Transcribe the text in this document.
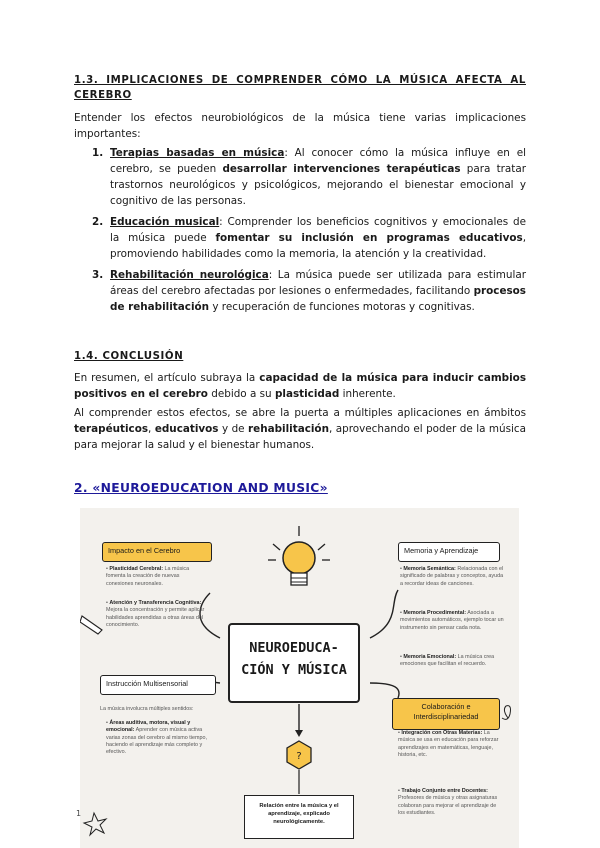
1.3. IMPLICACIONES DE COMPRENDER CÓMO LA MÚSICA AFECTA AL CEREBRO
Entender los efectos neurobiológicos de la música tiene varias implicaciones importantes:
1. Terapias basadas en música: Al conocer cómo la música influye en el cerebro, se pueden desarrollar intervenciones terapéuticas para tratar trastornos neurológicos y psicológicos, mejorando el bienestar emocional y cognitivo de las personas.
2. Educación musical: Comprender los beneficios cognitivos y emocionales de la música puede fomentar su inclusión en programas educativos, promoviendo habilidades como la memoria, la atención y la creatividad.
3. Rehabilitación neurológica: La música puede ser utilizada para estimular áreas del cerebro afectadas por lesiones o enfermedades, facilitando procesos de rehabilitación y recuperación de funciones motoras y cognitivas.
1.4. CONCLUSIÓN
En resumen, el artículo subraya la capacidad de la música para inducir cambios positivos en el cerebro debido a su plasticidad inherente.
Al comprender estos efectos, se abre la puerta a múltiples aplicaciones en ámbitos terapéuticos, educativos y de rehabilitación, aprovechando el poder de la música para mejorar la salud y el bienestar humanos.
2. «NEUROEDUCATION AND MUSIC»
?
Impacto en el Cerebro
• Plasticidad Cerebral: La música fomenta la creación de nuevas conexiones neuronales.
• Atención y Transferencia Cognitiva: Mejora la concentración y permite aplicar habilidades aprendidas a otras áreas del conocimiento.
Instrucción Multisensorial
La música involucra múltiples sentidos:
• Áreas auditiva, motora, visual y emocional: Aprender con música activa varias zonas del cerebro al mismo tiempo, haciendo el aprendizaje más completo y efectivo.
NEUROEDUCA-
CIÓN Y MÚSICA
Memoria y Aprendizaje
• Memoria Semántica: Relacionada con el significado de palabras y conceptos, ayuda a recordar ideas de canciones.
• Memoria Procedimental: Asociada a movimientos automáticos, ejemplo tocar un instrumento sin pensar cada nota.
• Memoria Emocional: La música crea emociones que facilitan el recuerdo.
Colaboración e
Interdisciplinariedad
• Integración con Otras Materias: La música se usa en educación para reforzar aprendizajes en matemáticas, lenguaje, historia, etc.
• Trabajo Conjunto entre Docentes: Profesores de música y otras asignaturas colaboran para mejorar el aprendizaje de los estudiantes.
Relación entre la música y el aprendizaje, explicado neurológicamente.
1
